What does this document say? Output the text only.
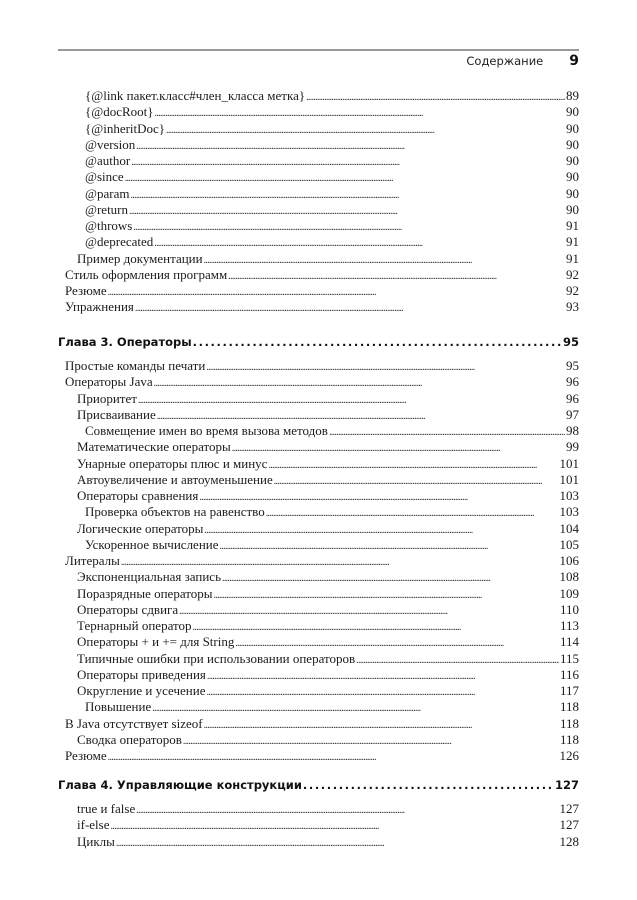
Содержание 9
{@link пакет.класс#член_класса метка} . . .	89
{@docRoot} . . .	90
{@inheritDoc} . . .	90
@version . . .	90
@author . . .	90
@since . . .	90
@param . . .	90
@return . . .	90
@throws . . .	91
@deprecated . . .	91
Пример документации . . .	91
Стиль оформления программ . . .	92
Резюме . . .	92
Упражнения . . .	93
Глава 3. Операторы . . .	95
Простые команды печати . . .	95
Операторы Java . . .	96
Приоритет . . .	96
Присваивание . . .	97
Совмещение имен во время вызова методов . . .	98
Математические операторы . . .	99
Унарные операторы плюс и минус . . .	101
Автоувеличение и автоуменьшение . . .	101
Операторы сравнения . . .	103
Проверка объектов на равенство . . .	103
Логические операторы . . .	104
Ускоренное вычисление . . .	105
Литералы . . .	106
Экспоненциальная запись . . .	108
Поразрядные операторы . . .	109
Операторы сдвига . . .	110
Тернарный оператор . . .	113
Операторы + и += для String . . .	114
Типичные ошибки при использовании операторов . . .	115
Операторы приведения . . .	116
Округление и усечение . . .	117
Повышение . . .	118
В Java отсутствует sizeof . . .	118
Сводка операторов . . .	118
Резюме . . .	126
Глава 4. Управляющие конструкции . . .	127
true и false . . .	127
if-else . . .	127
Циклы . . .	128
